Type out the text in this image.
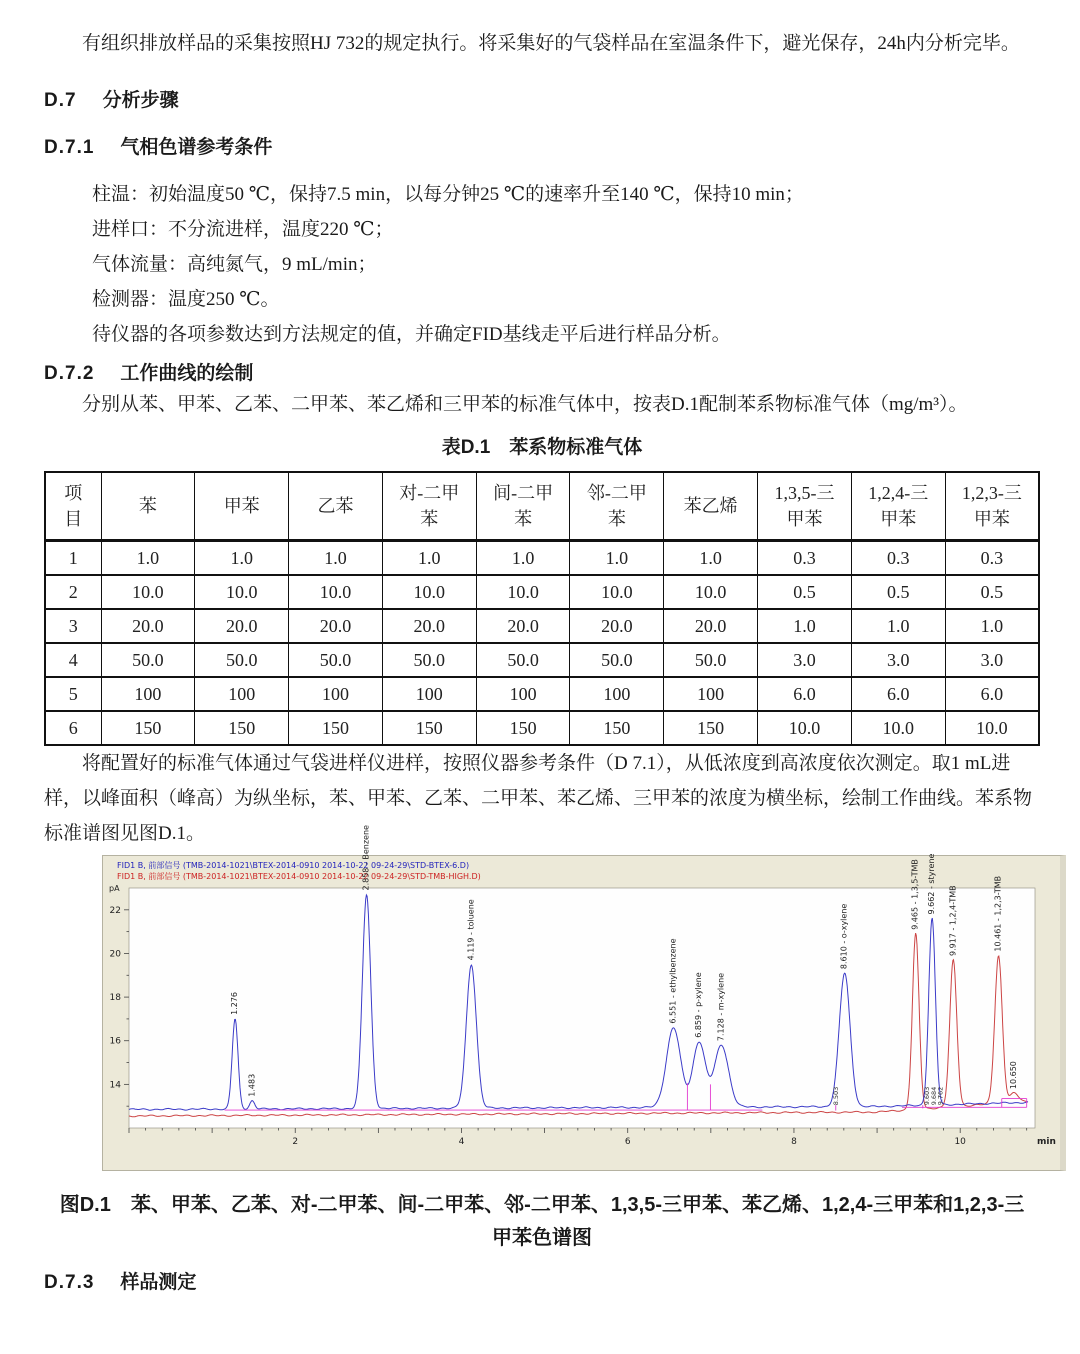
有组织排放样品的采集按照HJ 732的规定执行。将采集好的气袋样品在室温条件下，避光保存，24h内分析完毕。

D.7 分析步骤

D.7.1 气相色谱参考条件

柱温：初始温度50 ℃，保持7.5 min，以每分钟25 ℃的速率升至140 ℃，保持10 min；

进样口：不分流进样，温度220 ℃；

气体流量：高纯氮气，9 mL/min；

检测器：温度250 ℃。

待仪器的各项参数达到方法规定的值，并确定FID基线走平后进行样品分析。

D.7.2 工作曲线的绘制

分别从苯、甲苯、乙苯、二甲苯、苯乙烯和三甲苯的标准气体中，按表D.1配制苯系物标准气体（mg/m³）。

表D.1　苯系物标准气体

项目	苯	甲苯	乙苯	对-二甲苯	间-二甲苯	邻-二甲苯	苯乙烯	1,3,5-三甲苯	1,2,4-三甲苯	1,2,3-三甲苯
1	1.0	1.0	1.0	1.0	1.0	1.0	1.0	0.3	0.3	0.3
2	10.0	10.0	10.0	10.0	10.0	10.0	10.0	0.5	0.5	0.5
3	20.0	20.0	20.0	20.0	20.0	20.0	20.0	1.0	1.0	1.0
4	50.0	50.0	50.0	50.0	50.0	50.0	50.0	3.0	3.0	3.0
5	100	100	100	100	100	100	100	6.0	6.0	6.0
6	150	150	150	150	150	150	150	10.0	10.0	10.0

将配置好的标准气体通过气袋进样仪进样，按照仪器参考条件（D 7.1），从低浓度到高浓度依次测定。取1 mL进样，以峰面积（峰高）为纵坐标，苯、甲苯、乙苯、二甲苯、苯乙烯、三甲苯的浓度为横坐标，绘制工作曲线。苯系物标准谱图见图D.1。

FID1 B, 前部信号 (TMB-2014-1021\BTEX-2014-0910 2014-10-22 09-24-29\STD-BTEX-6.D)
FID1 B, 前部信号 (TMB-2014-1021\BTEX-2014-0910 2014-10-22 09-24-29\STD-TMB-HIGH.D)
2	4	6	8	10	min
14
16
18
20
22
pA
1.276
1.483
2.858 - Benzene
4.119 - toluene
6.551 - ethylbenzene 6.859 - p-xylene 7.128 - m-xylene
8.610 - o-xylene
9.662 - styrene
9.465 - 1,3,5-TMB	9.917 - 1,2,4-TMB	10.461 - 1,2,3-TMB
10.650
8.503	9.603
9.684
9.762

图D.1　苯、甲苯、乙苯、对-二甲苯、间-二甲苯、邻-二甲苯、1,3,5-三甲苯、苯乙烯、1,2,4-三甲苯和1,2,3-三甲苯色谱图

D.7.3 样品测定
